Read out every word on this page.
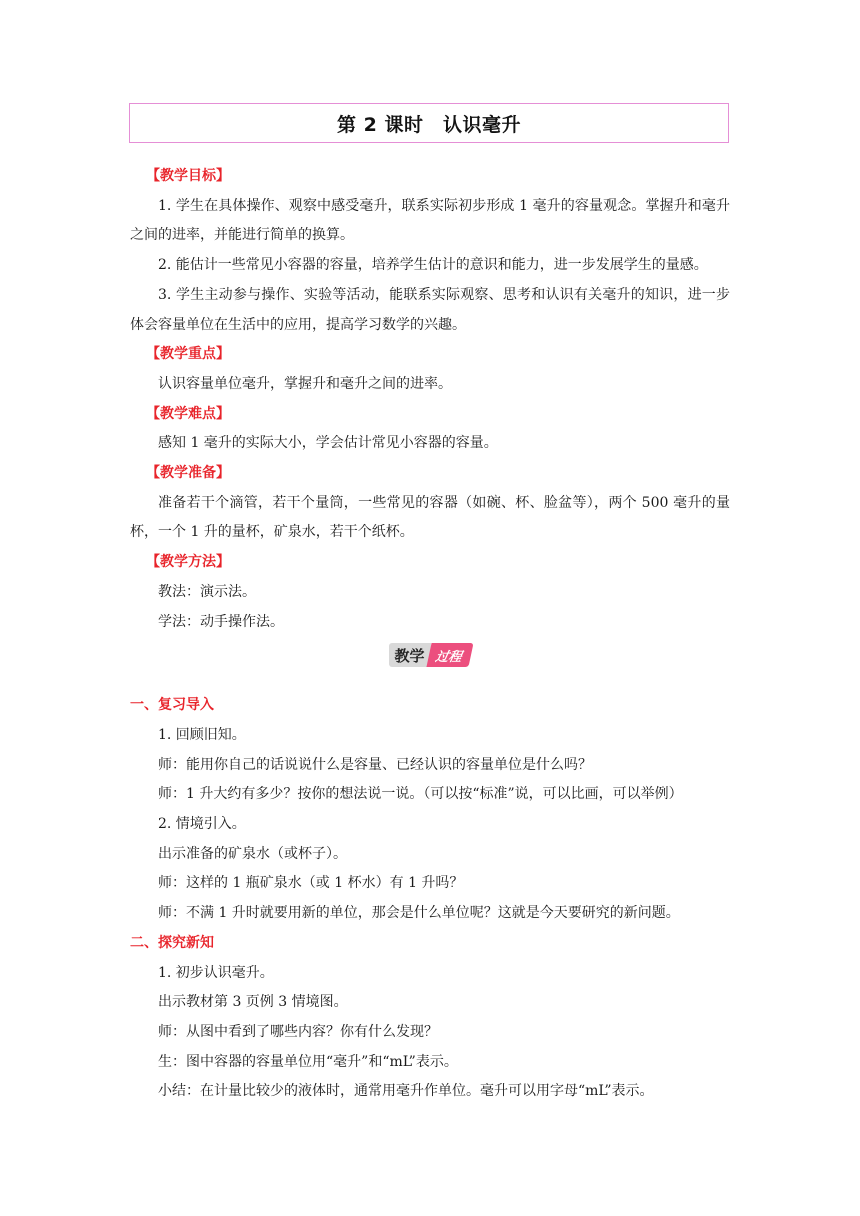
第 2 课时　认识毫升
【教学目标】
1. 学生在具体操作、观察中感受毫升，联系实际初步形成 1 毫升的容量观念。掌握升和毫升之间的进率，并能进行简单的换算。
2. 能估计一些常见小容器的容量，培养学生估计的意识和能力，进一步发展学生的量感。
3. 学生主动参与操作、实验等活动，能联系实际观察、思考和认识有关毫升的知识，进一步体会容量单位在生活中的应用，提高学习数学的兴趣。
【教学重点】
认识容量单位毫升，掌握升和毫升之间的进率。
【教学难点】
感知 1 毫升的实际大小，学会估计常见小容器的容量。
【教学准备】
准备若干个滴管，若干个量筒，一些常见的容器（如碗、杯、脸盆等），两个 500 毫升的量杯，一个 1 升的量杯，矿泉水，若干个纸杯。
【教学方法】
教法：演示法。
学法：动手操作法。
教学 过程
一、复习导入
1. 回顾旧知。
师：能用你自己的话说说什么是容量、已经认识的容量单位是什么吗？
师：1 升大约有多少？按你的想法说一说。（可以按“标准”说，可以比画，可以举例）
2. 情境引入。
出示准备的矿泉水（或杯子）。
师：这样的 1 瓶矿泉水（或 1 杯水）有 1 升吗？
师：不满 1 升时就要用新的单位，那会是什么单位呢？这就是今天要研究的新问题。
二、探究新知
1. 初步认识毫升。
出示教材第 3 页例 3 情境图。
师：从图中看到了哪些内容？你有什么发现？
生：图中容器的容量单位用“毫升”和“mL”表示。
小结：在计量比较少的液体时，通常用毫升作单位。毫升可以用字母“mL”表示。
